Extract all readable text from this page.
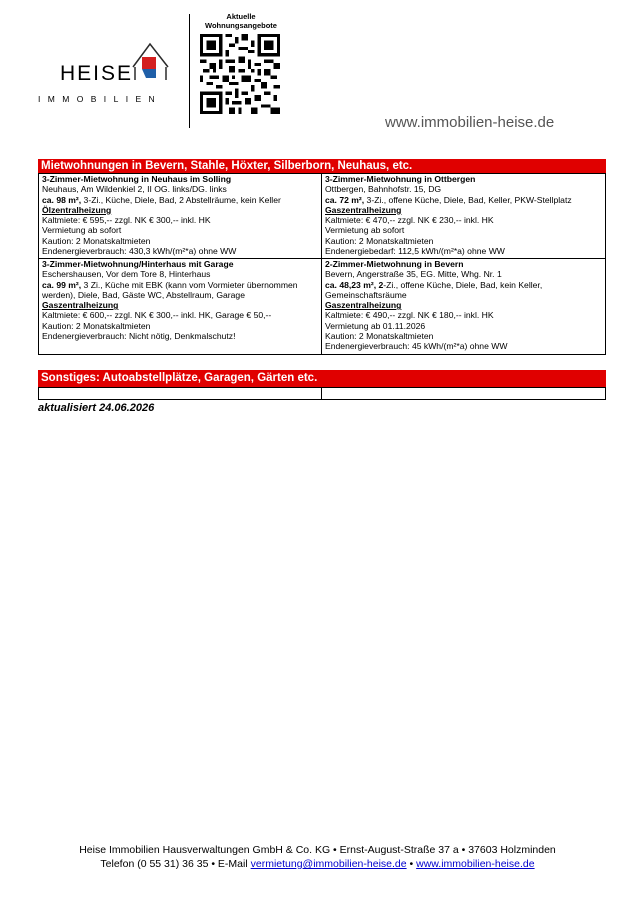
HEISE
IMMOBILIEN
Aktuelle
Wohnungsangebote
www.immobilien-heise.de
Mietwohnungen in Bevern, Stahle, Höxter, Silberborn, Neuhaus, etc.
3-Zimmer-Mietwohnung in Neuhaus im Solling
Neuhaus, Am Wildenkiel 2, II OG. links/DG. links
ca. 98 m², 3-Zi., Küche, Diele, Bad, 2 Abstellräume, kein Keller
Ölzentralheizung
Kaltmiete: € 595,-- zzgl. NK € 300,-- inkl. HK
Vermietung ab sofort
Kaution: 2 Monatskaltmieten
Endenergieverbrauch: 430,3 kWh/(m²*a) ohne WW
3-Zimmer-Mietwohnung in Ottbergen
Ottbergen, Bahnhofstr. 15, DG
ca. 72 m², 3-Zi., offene Küche, Diele, Bad, Keller, PKW-Stellplatz
Gaszentralheizung
Kaltmiete: € 470,-- zzgl. NK € 230,-- inkl. HK
Vermietung ab sofort
Kaution: 2 Monatskaltmieten
Endenergiebedarf: 112,5 kWh/(m²*a) ohne WW
3-Zimmer-Mietwohnung/Hinterhaus mit Garage
Eschershausen, Vor dem Tore 8, Hinterhaus
ca. 99 m², 3 Zi., Küche mit EBK (kann vom Vormieter übernommen werden), Diele, Bad, Gäste WC, Abstellraum, Garage
Gaszentralheizung
Kaltmiete: € 600,-- zzgl. NK € 300,-- inkl. HK, Garage € 50,--
Kaution: 2 Monatskaltmieten
Endenergieverbrauch: Nicht nötig, Denkmalschutz!
2-Zimmer-Mietwohnung in Bevern
Bevern, Angerstraße 35, EG. Mitte, Whg. Nr. 1
ca. 48,23 m², 2-Zi., offene Küche, Diele, Bad, kein Keller, Gemeinschaftsräume
Gaszentralheizung
Kaltmiete: € 490,-- zzgl. NK € 180,-- inkl. HK
Vermietung ab 01.11.2026
Kaution: 2 Monatskaltmieten
Endenergieverbrauch: 45 kWh/(m²*a) ohne WW
Sonstiges: Autoabstellplätze, Garagen, Gärten etc.
aktualisiert 24.06.2026
Heise Immobilien Hausverwaltungen GmbH & Co. KG • Ernst-August-Straße 37 a • 37603 Holzminden
Telefon (0 55 31) 36 35 • E-Mail vermietung@immobilien-heise.de • www.immobilien-heise.de
